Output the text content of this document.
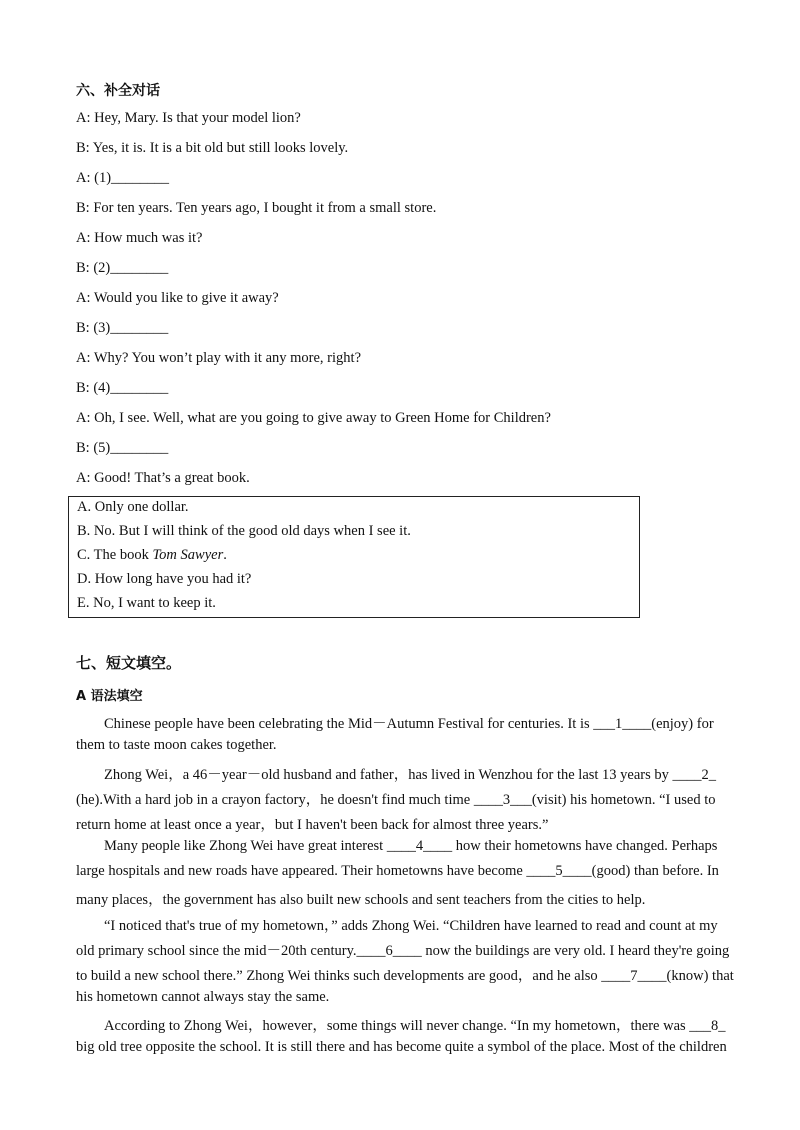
六、补全对话
A: Hey, Mary. Is that your model lion?
B: Yes, it is. It is a bit old but still looks lovely.
A: (1)________
B: For ten years. Ten years ago, I bought it from a small store.
A: How much was it?
B: (2)________
A: Would you like to give it away?
B: (3)________
A: Why? You won’t play with it any more, right?
B: (4)________
A: Oh, I see. Well, what are you going to give away to Green Home for Children?
B: (5)________
A: Good! That’s a great book.
A. Only one dollar.
B. No. But I will think of the good old days when I see it.
C. The book Tom Sawyer.
D. How long have you had it?
E. No, I want to keep it.
七、短文填空。
A 语法填空
Chinese people have been celebrating the Mid－Autumn Festival for centuries. It is ___1____(enjoy) for
them to taste moon cakes together.
Zhong Wei，a 46－year－old husband and father，has lived in Wenzhou for the last 13 years by ____2_
(he).With a hard job in a crayon factory，he doesn't find much time ____3___(visit) his hometown. “I used to
return home at least once a year，but I haven't been back for almost three years.”
Many people like Zhong Wei have great interest ____4____ how their hometowns have changed. Perhaps
large hospitals and new roads have appeared. Their hometowns have become ____5____(good) than before. In
many places，the government has also built new schools and sent teachers from the cities to help.
“I noticed that's true of my hometown，” adds Zhong Wei. “Children have learned to read and count at my
old primary school since the mid－20th century.____6____ now the buildings are very old. I heard they're going
to build a new school there.” Zhong Wei thinks such developments are good，and he also ____7____(know) that
his hometown cannot always stay the same.
According to Zhong Wei，however，some things will never change. “In my hometown，there was ___8_
big old tree opposite the school. It is still there and has become quite a symbol of the place. Most of the children
